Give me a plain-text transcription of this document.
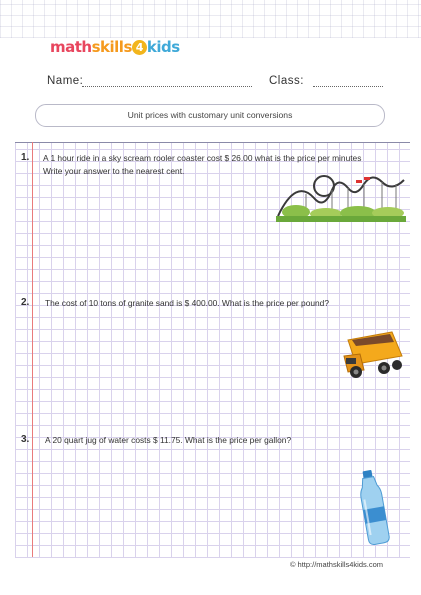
mathskills 4 kids
Name:	Class:
Unit prices with customary unit conversions
1. A 1 hour ride in a sky scream rooler coaster cost $ 26.00 what is the price per minutes
Write your answer to the nearest cent.
2. The cost of 10 tons of granite sand is $ 400.00. What is the price per pound?
3. A 20 quart jug of water costs $ 11.75. What is the price per gallon?
© http://mathskills4kids.com
